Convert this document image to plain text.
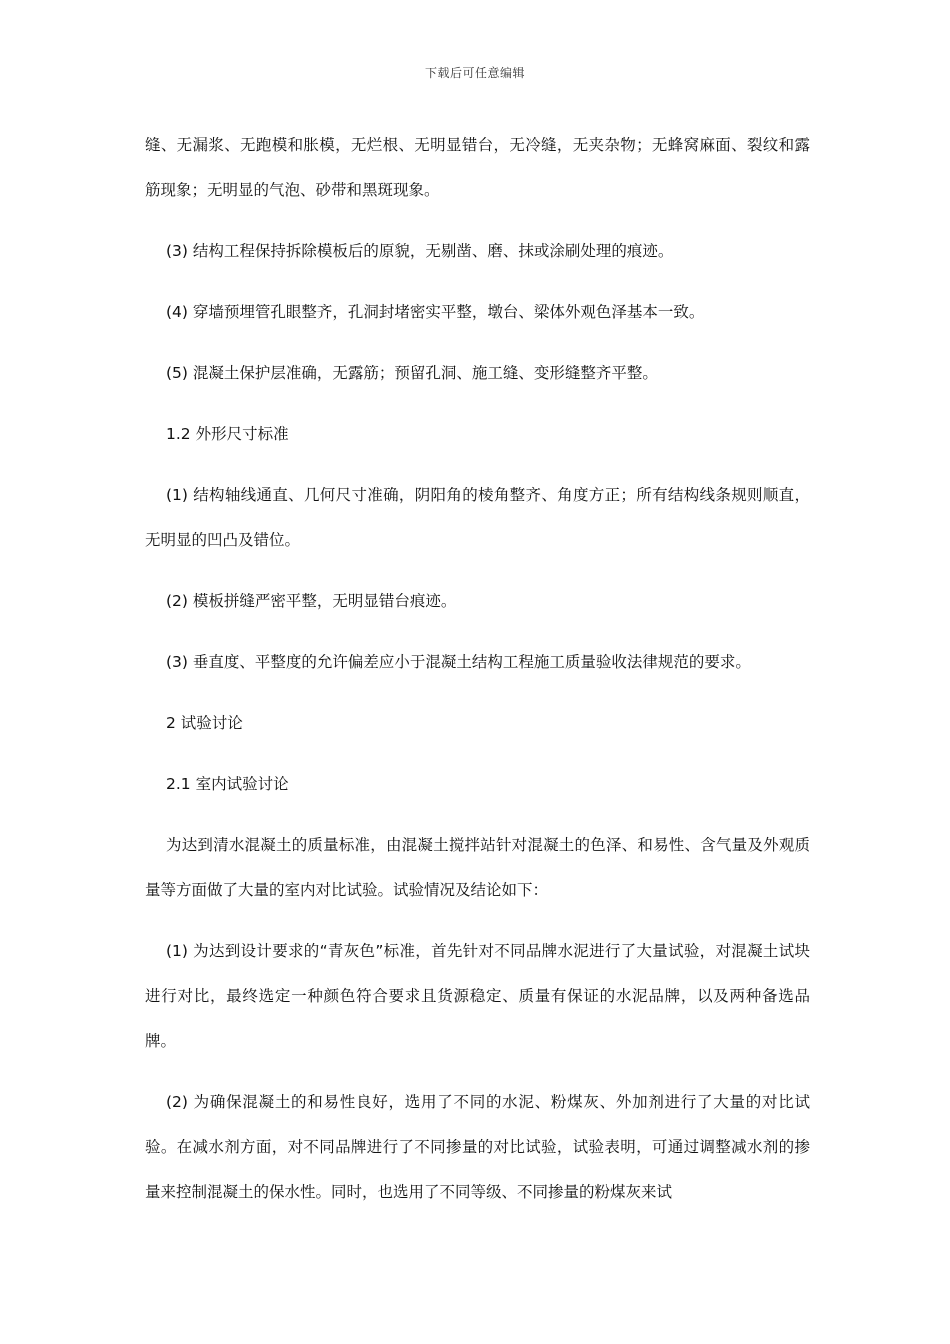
下载后可任意编辑

缝、无漏浆、无跑模和胀模，无烂根、无明显错台，无冷缝，无夹杂物；无蜂窝麻面、裂纹和露筋现象；无明显的气泡、砂带和黑斑现象。

(3) 结构工程保持拆除模板后的原貌，无剔凿、磨、抹或涂刷处理的痕迹。

(4) 穿墙预埋管孔眼整齐，孔洞封堵密实平整，墩台、梁体外观色泽基本一致。

(5) 混凝土保护层准确，无露筋；预留孔洞、施工缝、变形缝整齐平整。

1.2 外形尺寸标准

(1) 结构轴线通直、几何尺寸准确，阴阳角的棱角整齐、角度方正；所有结构线条规则顺直，无明显的凹凸及错位。

(2) 模板拼缝严密平整，无明显错台痕迹。

(3) 垂直度、平整度的允许偏差应小于混凝土结构工程施工质量验收法律规范的要求。

2 试验讨论

2.1 室内试验讨论

为达到清水混凝土的质量标准，由混凝土搅拌站针对混凝土的色泽、和易性、含气量及外观质量等方面做了大量的室内对比试验。试验情况及结论如下：

(1) 为达到设计要求的“青灰色”标准，首先针对不同品牌水泥进行了大量试验，对混凝土试块进行对比，最终选定一种颜色符合要求且货源稳定、质量有保证的水泥品牌，以及两种备选品牌。

(2) 为确保混凝土的和易性良好，选用了不同的水泥、粉煤灰、外加剂进行了大量的对比试验。在减水剂方面，对不同品牌进行了不同掺量的对比试验，试验表明，可通过调整减水剂的掺量来控制混凝土的保水性。同时，也选用了不同等级、不同掺量的粉煤灰来试
